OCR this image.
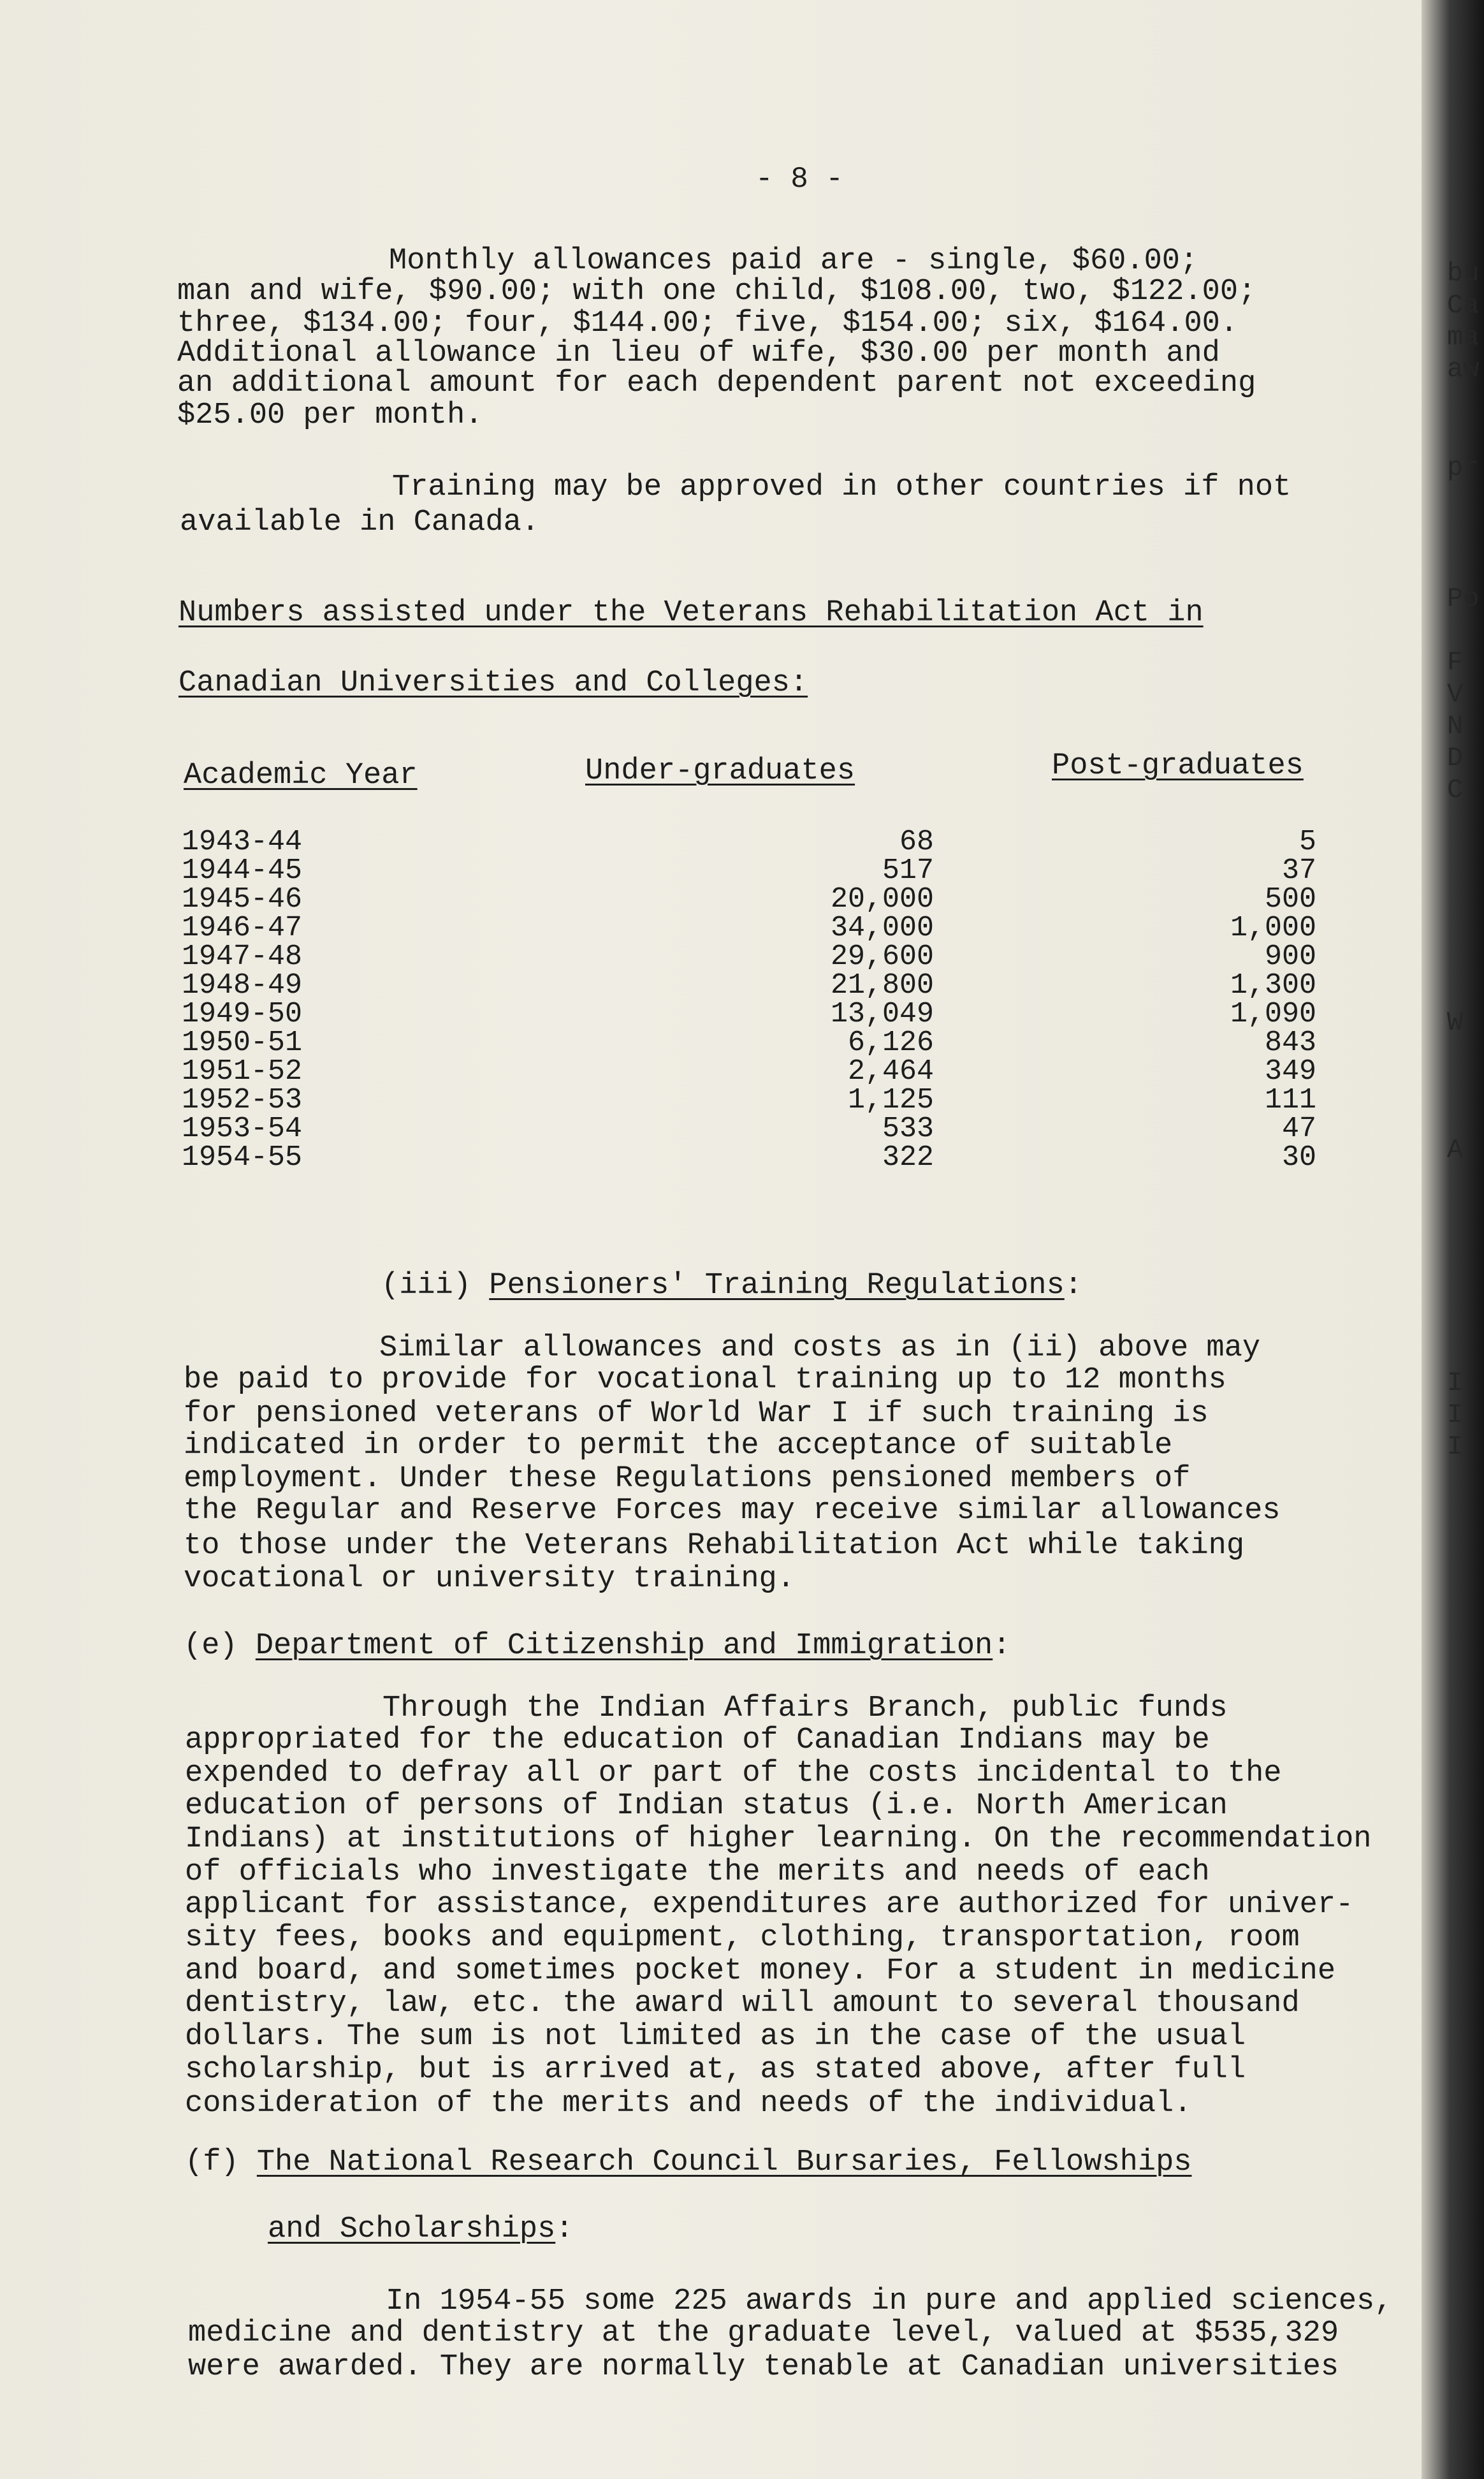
- 8 -
Monthly allowances paid are - single, $60.00;
man and wife, $90.00; with one child, $108.00, two, $122.00;
three, $134.00; four, $144.00; five, $154.00; six, $164.00.
Additional allowance in lieu of wife, $30.00 per month and
an additional amount for each dependent parent not exceeding
$25.00 per month.
Training may be approved in other countries if not
available in Canada.
Numbers assisted under the Veterans Rehabilitation Act in
Canadian Universities and Colleges:
Academic Year	Under-graduates	Post-graduates
1943-44	68	5
1944-45	517	37
1945-46	20,000	500
1946-47	34,000	1,000
1947-48	29,600	900
1948-49	21,800	1,300
1949-50	13,049	1,090
1950-51	6,126	843
1951-52	2,464	349
1952-53	1,125	111
1953-54	533	47
1954-55	322	30
(iii) Pensioners' Training Regulations:
Similar allowances and costs as in (ii) above may
be paid to provide for vocational training up to 12 months
for pensioned veterans of World War I if such training is
indicated in order to permit the acceptance of suitable
employment. Under these Regulations pensioned members of
the Regular and Reserve Forces may receive similar allowances
to those under the Veterans Rehabilitation Act while taking
vocational or university training.
(e) Department of Citizenship and Immigration:
Through the Indian Affairs Branch, public funds
appropriated for the education of Canadian Indians may be
expended to defray all or part of the costs incidental to the
education of persons of Indian status (i.e. North American
Indians) at institutions of higher learning. On the recommendation
of officials who investigate the merits and needs of each
applicant for assistance, expenditures are authorized for univer-
sity fees, books and equipment, clothing, transportation, room
and board, and sometimes pocket money. For a student in medicine
dentistry, law, etc. the award will amount to several thousand
dollars. The sum is not limited as in the case of the usual
scholarship, but is arrived at, as stated above, after full
consideration of the merits and needs of the individual.
(f) The National Research Council Bursaries, Fellowships
and Scholarships:
In 1954-55 some 225 awards in pure and applied sciences,
medicine and dentistry at the graduate level, valued at $535,329
were awarded. They are normally tenable at Canadian universities
bu
Ca
ma
aw
pr
Po
F
V
N
D
C
W
A
I
I
I
